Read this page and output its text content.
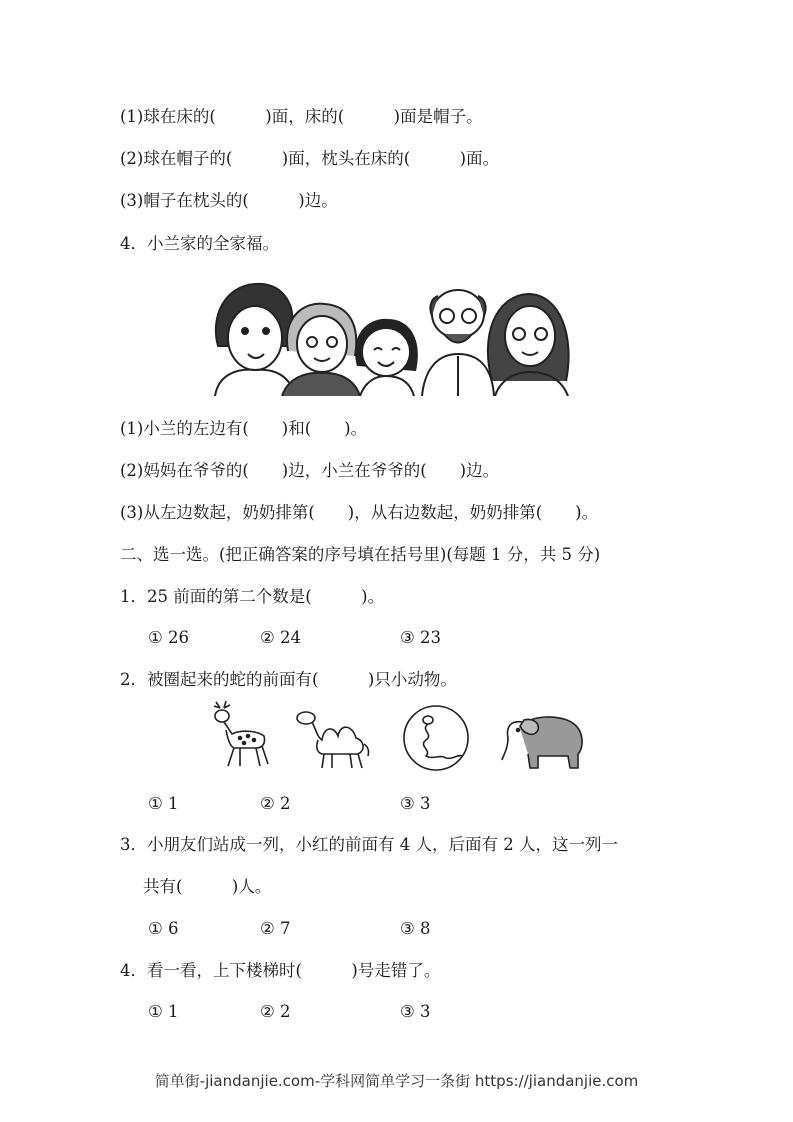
(1)球在床的(　　　)面，床的(　　　)面是帽子。
(2)球在帽子的(　　　)面，枕头在床的(　　　)面。
(3)帽子在枕头的(　　　)边。
4．小兰家的全家福。
(1)小兰的左边有(　　)和(　　)。
(2)妈妈在爷爷的(　　)边，小兰在爷爷的(　　)边。
(3)从左边数起，奶奶排第(　　)，从右边数起，奶奶排第(　　)。
二、选一选。(把正确答案的序号填在括号里)(每题 1 分，共 5 分)
1．25 前面的第二个数是(　　　)。
① 26	② 24	③ 23
2．被圈起来的蛇的前面有(　　　)只小动物。
① 1	② 2	③ 3
3．小朋友们站成一列，小红的前面有 4 人，后面有 2 人，这一列一
共有(　　　)人。
① 6	② 7	③ 8
4．看一看，上下楼梯时(　　　)号走错了。
① 1	② 2	③ 3
简单街-jiandanjie.com-学科网简单学习一条街 https://jiandanjie.com
